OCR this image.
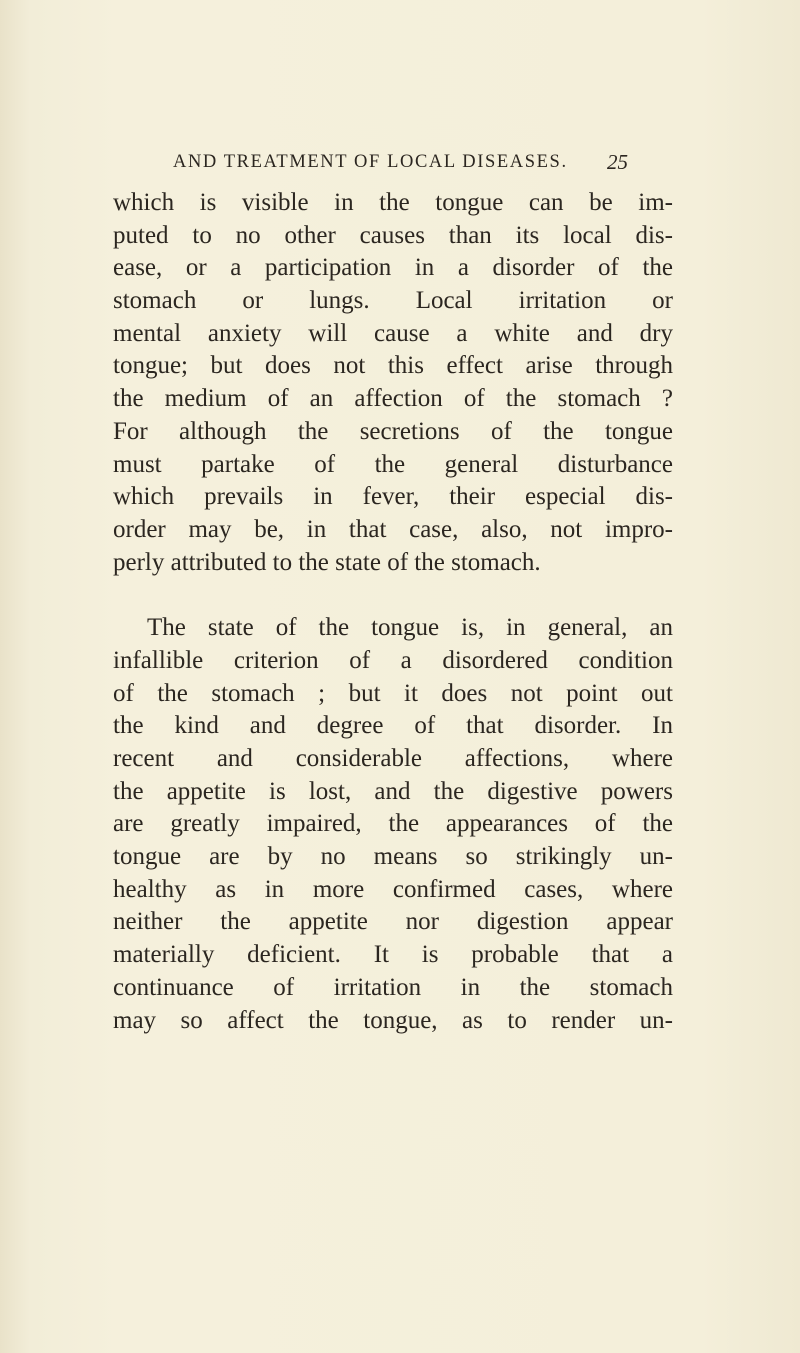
AND TREATMENT OF LOCAL DISEASES. 25
which is visible in the tongue can be im-
puted to no other causes than its local dis-
ease, or a participation in a disorder of the
stomach or lungs. Local irritation or
mental anxiety will cause a white and dry
tongue; but does not this effect arise through
the medium of an affection of the stomach ?
For although the secretions of the tongue
must partake of the general disturbance
which prevails in fever, their especial dis-
order may be, in that case, also, not impro-
perly attributed to the state of the stomach.
The state of the tongue is, in general, an
infallible criterion of a disordered condition
of the stomach ; but it does not point out
the kind and degree of that disorder. In
recent and considerable affections, where
the appetite is lost, and the digestive powers
are greatly impaired, the appearances of the
tongue are by no means so strikingly un-
healthy as in more confirmed cases, where
neither the appetite nor digestion appear
materially deficient. It is probable that a
continuance of irritation in the stomach
may so affect the tongue, as to render un-
